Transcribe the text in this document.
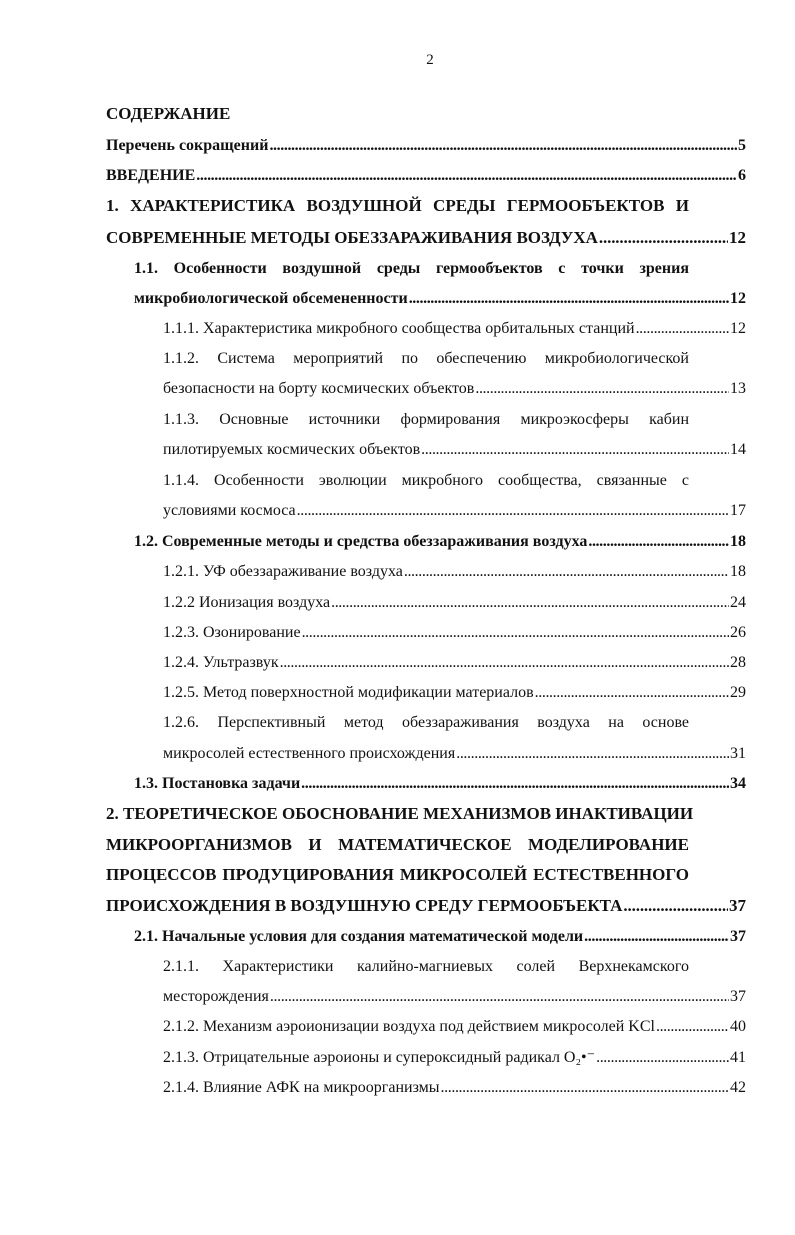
2
СОДЕРЖАНИЕ
Перечень сокращений . . .	5
ВВЕДЕНИЕ . . .	6
1. ХАРАКТЕРИСТИКА ВОЗДУШНОЙ СРЕДЫ ГЕРМООБЪЕКТОВ И
СОВРЕМЕННЫЕ МЕТОДЫ ОБЕЗЗАРАЖИВАНИЯ ВОЗДУХА . . .	12
1.1. Особенности воздушной среды гермообъектов с точки зрения
микробиологической обсемененности . . .	12
1.1.1. Характеристика микробного сообщества орбитальных станций . . .	12
1.1.2. Система мероприятий по обеспечению микробиологической
безопасности на борту космических объектов . . .	13
1.1.3. Основные источники формирования микроэкосферы кабин
пилотируемых космических объектов . . .	14
1.1.4. Особенности эволюции микробного сообщества, связанные с
условиями космоса . . .	17
1.2. Современные методы и средства обеззараживания воздуха . . .	18
1.2.1. УФ обеззараживание воздуха . . .	18
1.2.2 Ионизация воздуха . . .	24
1.2.3. Озонирование . . .	26
1.2.4. Ультразвук . . .	28
1.2.5. Метод поверхностной модификации материалов . . .	29
1.2.6. Перспективный метод обеззараживания воздуха на основе
микросолей естественного происхождения . . .	31
1.3. Постановка задачи . . .	34
2. ТЕОРЕТИЧЕСКОЕ ОБОСНОВАНИЕ МЕХАНИЗМОВ ИНАКТИВАЦИИ
МИКРООРГАНИЗМОВ И МАТЕМАТИЧЕСКОЕ МОДЕЛИРОВАНИЕ
ПРОЦЕССОВ ПРОДУЦИРОВАНИЯ МИКРОСОЛЕЙ ЕСТЕСТВЕННОГО
ПРОИСХОЖДЕНИЯ В ВОЗДУШНУЮ СРЕДУ ГЕРМООБЪЕКТА . . .	37
2.1. Начальные условия для создания математической модели . . .	37
2.1.1. Характеристики калийно-магниевых солей Верхнекамского
месторождения . . .	37
2.1.2. Механизм аэроионизации воздуха под действием микросолей KCl . . .	40
2.1.3. Отрицательные аэроионы и супероксидный радикал O₂•⁻ . . .	41
2.1.4. Влияние АФК на микроорганизмы . . .	42
